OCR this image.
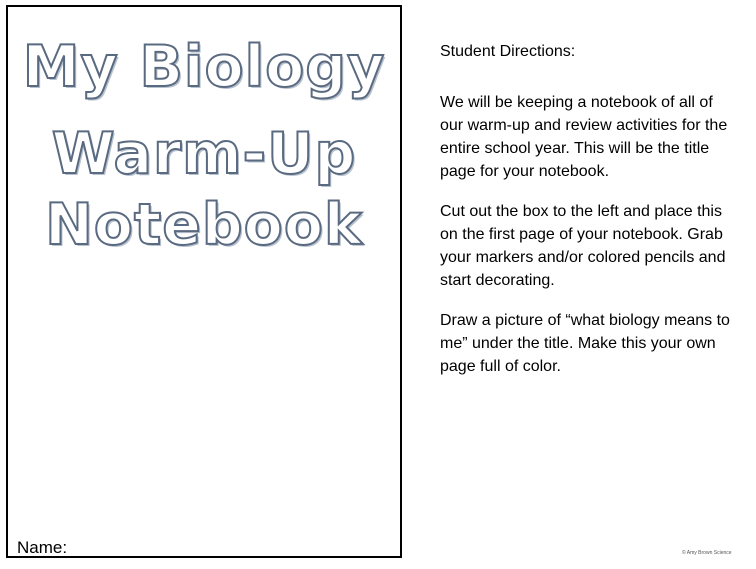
My Biology
Warm-Up
Notebook
Name:

Student Directions:

We will be keeping a notebook of all of our warm-up and review activities for the entire school year. This will be the title page for your notebook.

Cut out the box to the left and place this on the first page of your notebook. Grab your markers and/or colored pencils and start decorating.

Draw a picture of “what biology means to me” under the title. Make this your own page full of color.

© Amy Brown Science
